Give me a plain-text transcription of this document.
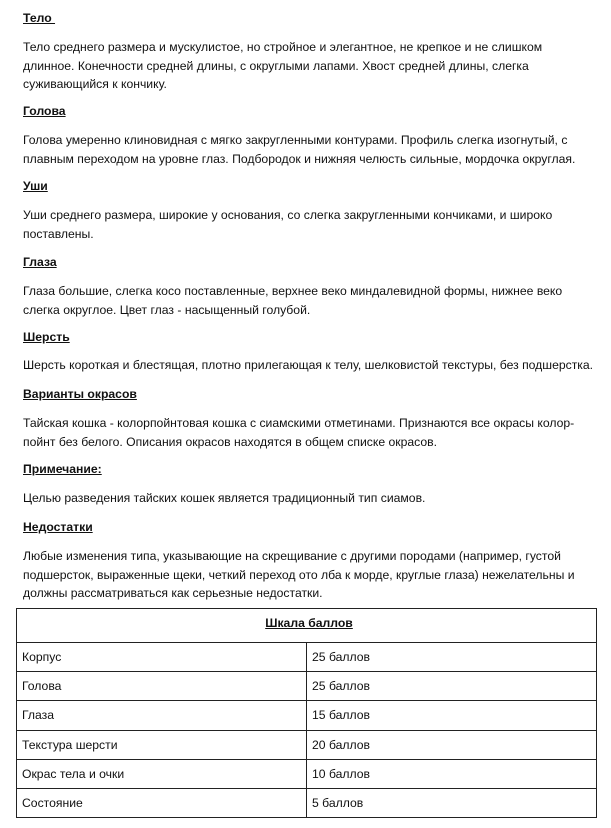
Тело
Тело среднего размера и мускулистое, но стройное и элегантное, не крепкое и не слишком длинное. Конечности средней длины, с округлыми лапами. Хвост средней длины, слегка суживающийся к кончику.
Голова
Голова умеренно клиновидная с мягко закругленными контурами. Профиль слегка изогнутый, с плавным переходом на уровне глаз. Подбородок и нижняя челюсть сильные, мордочка округлая.
Уши
Уши среднего размера, широкие у основания, со слегка закругленными кончиками, и широко поставлены.
Глаза
Глаза большие, слегка косо поставленные, верхнее веко миндалевидной формы, нижнее веко слегка округлое. Цвет глаз - насыщенный голубой.
Шерсть
Шерсть короткая и блестящая, плотно прилегающая к телу, шелковистой текстуры, без подшерстка.
Варианты окрасов
Тайская кошка - колорпойнтовая кошка с сиамскими отметинами. Признаются все окрасы колор-пойнт без белого. Описания окрасов находятся в общем списке окрасов.
Примечание:
Целью разведения тайских кошек является традиционный тип сиамов.
Недостатки
Любые изменения типа, указывающие на скрещивание с другими породами (например, густой подшерсток, выраженные щеки, четкий переход ото лба к морде, круглые глаза) нежелательны и должны рассматриваться как серьезные недостатки.
Шкала баллов	
Корпус	25 баллов
Голова	25 баллов
Глаза	15 баллов
Текстура шерсти	20 баллов
Окрас тела и очки	10 баллов
Состояние	5 баллов
